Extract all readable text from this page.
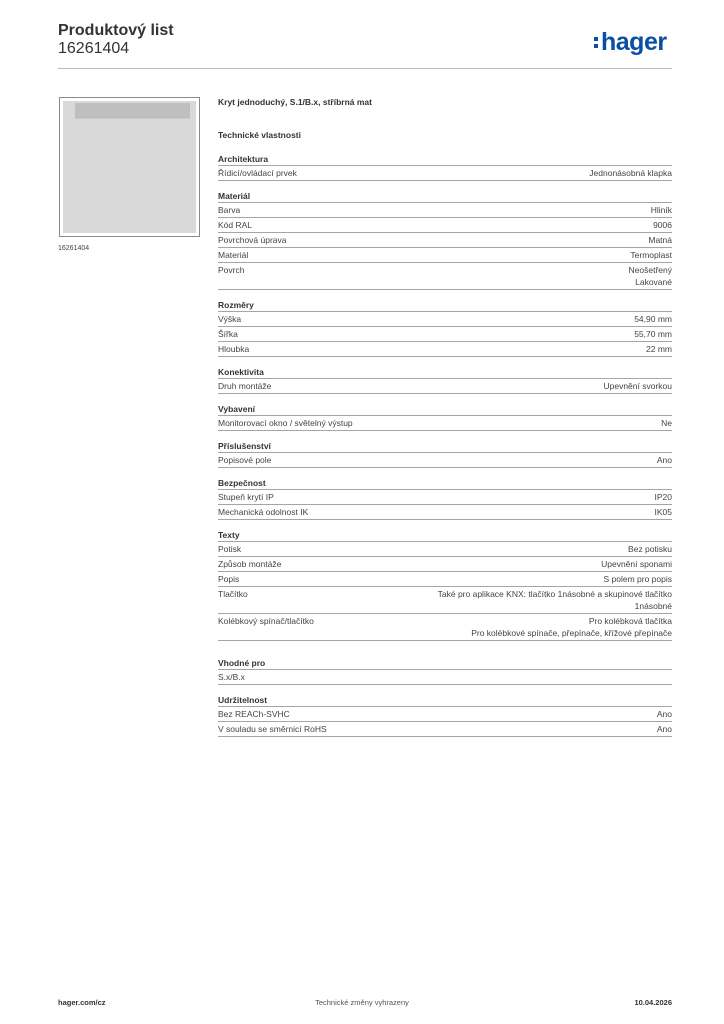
Produktový list
16261404	hager
16261404
Kryt jednoduchý, S.1/B.x, stříbrná mat
Technické vlastnosti
Architektura
Řídicí/ovládací prvek	Jednonásobná klapka
Materiál
Barva	Hliník
Kód RAL	9006
Povrchová úprava	Matná
Materiál	Termoplast
Povrch	Neošetřený
Lakované
Rozměry
Výška	54,90 mm
Šířka	55,70 mm
Hloubka	22 mm
Konektivita
Druh montáže	Upevnění svorkou
Vybavení
Monitorovací okno / světelný výstup	Ne
Příslušenství
Popisové pole	Ano
Bezpečnost
Stupeň krytí IP	IP20
Mechanická odolnost IK	IK05
Texty
Potisk	Bez potisku
Způsob montáže	Upevnění sponami
Popis	S polem pro popis
Tlačítko	Také pro aplikace KNX: tlačítko 1násobné a skupinové tlačítko
1násobné
Kolébkový spínač/tlačítko	Pro kolébková tlačítka
Pro kolébkové spínače, přepínače, křížové přepínače
Vhodné pro
S.x/B.x
Udržitelnost
Bez REACh-SVHC	Ano
V souladu se směrnicí RoHS	Ano
hager.com/cz	Technické změny vyhrazeny	10.04.2026
